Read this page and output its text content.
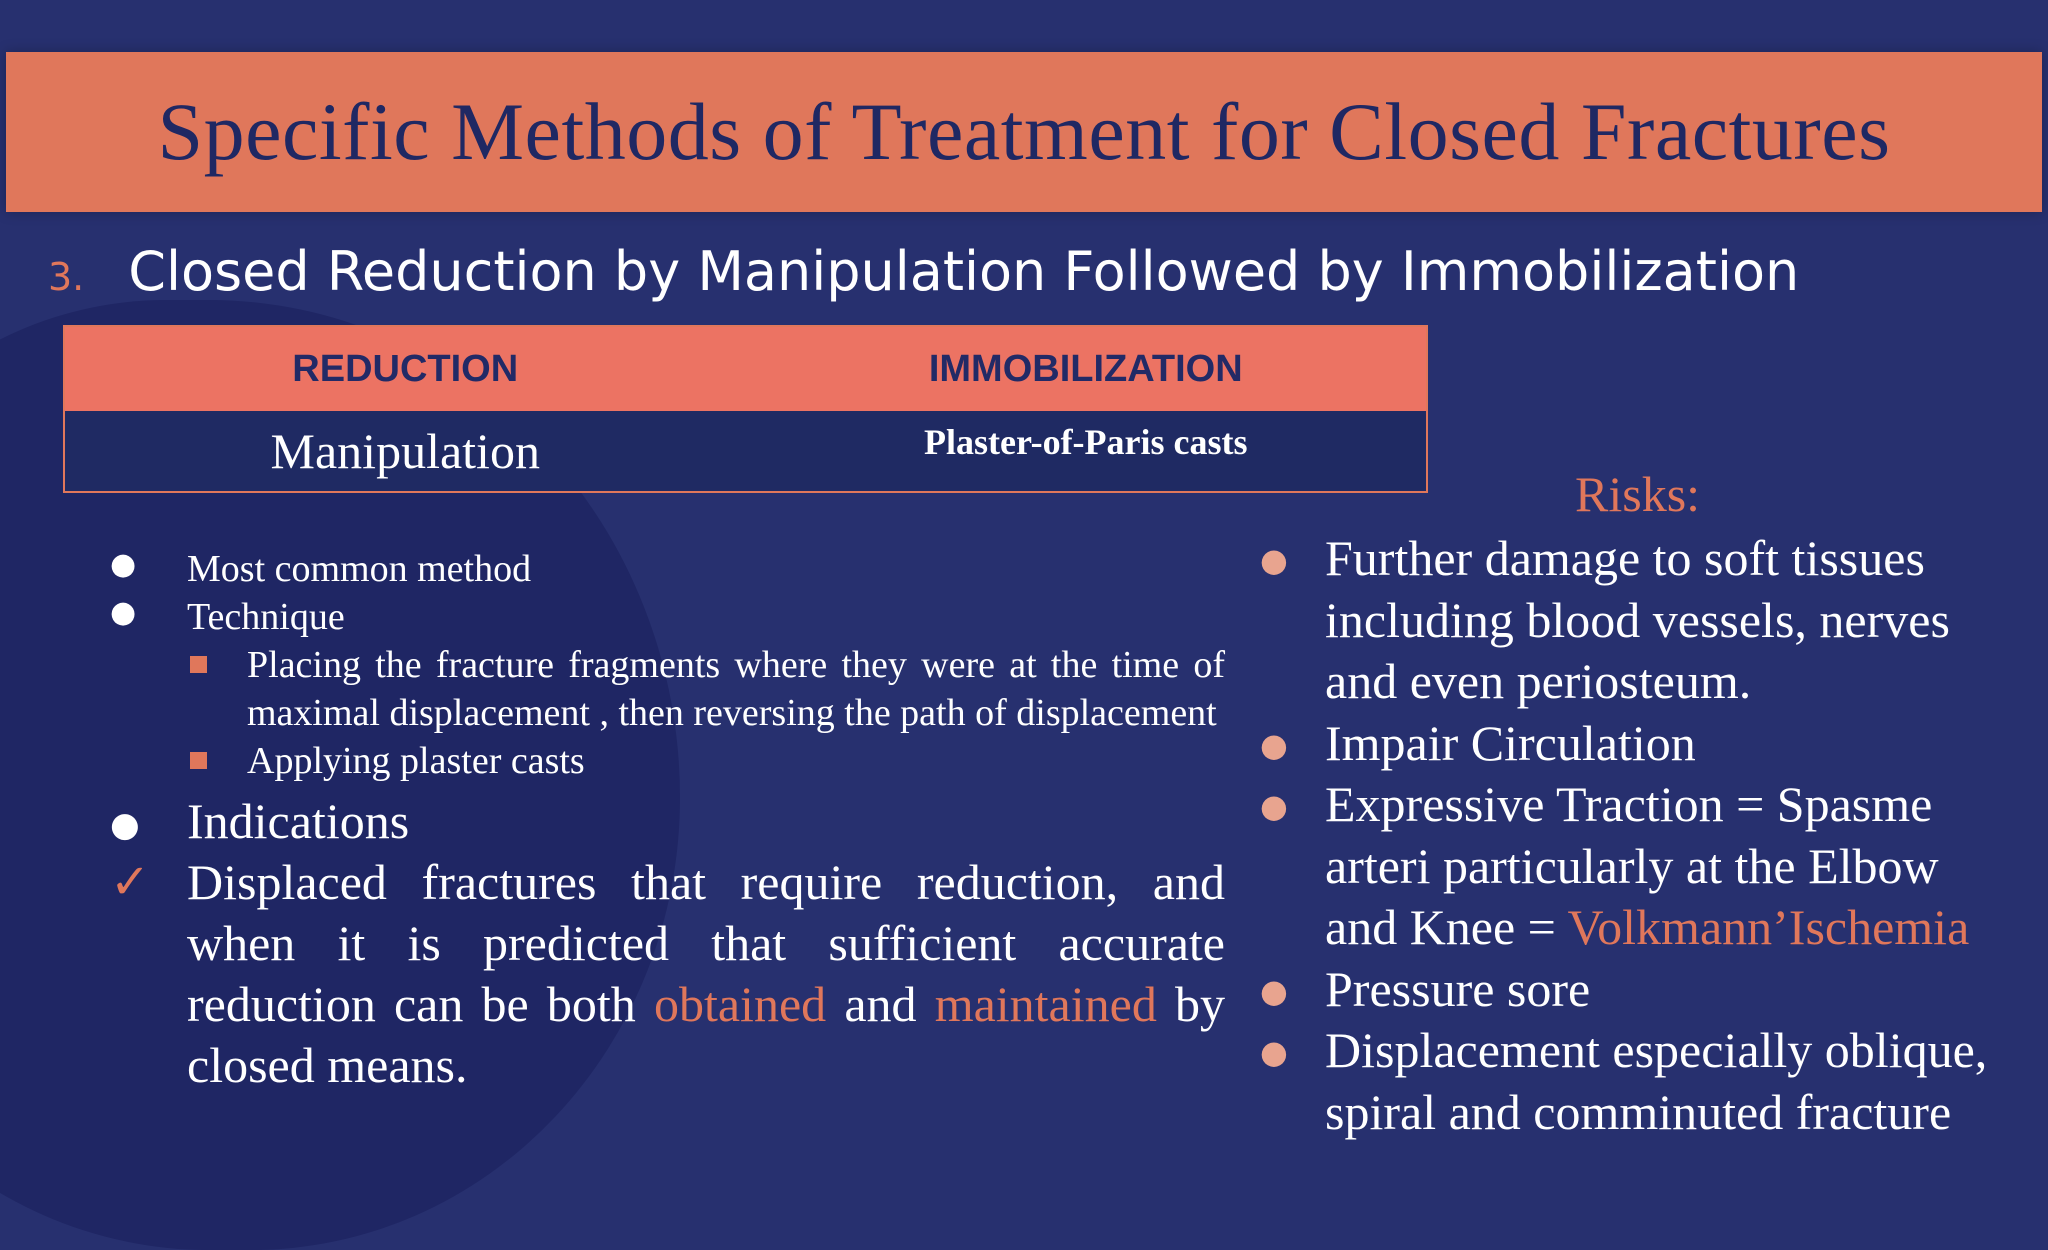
Specific Methods of Treatment for Closed Fractures
3. Closed Reduction by Manipulation Followed by Immobilization
REDUCTION	IMMOBILIZATION
Manipulation	Plaster-of-Paris casts
● Most common method
● Technique
Placing the fracture fragments where they were at the time of maximal displacement , then reversing the path of displacement
Applying plaster casts
● Indications
✓ Displaced fractures that require reduction, and when it is predicted that sufficient accurate reduction can be both obtained and maintained by closed means.
Risks:
● Further damage to soft tissues including blood vessels, nerves and even periosteum.
● Impair Circulation
● Expressive Traction = Spasme arteri particularly at the Elbow and Knee = Volkmann’Ischemia
● Pressure sore
● Displacement especially oblique, spiral and comminuted fracture
